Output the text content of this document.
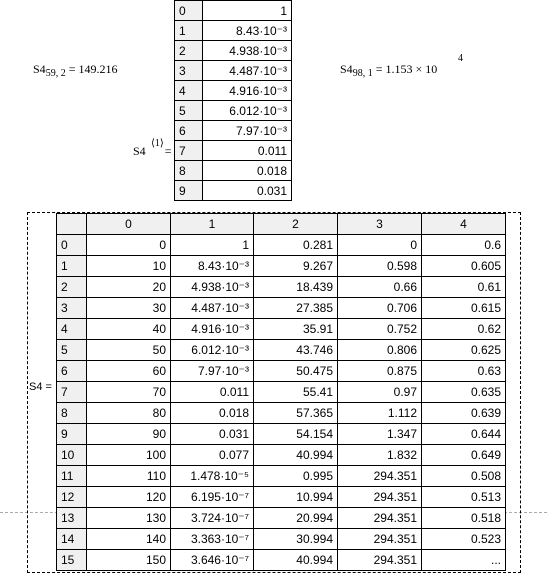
$S4_{59, 2} = 149.216$	$S4_{98, 1} = 1.153 \times 10$
4
S4
⟨1⟩
=
0	1
1	8.43·10⁻³
2	4.938·10⁻³
3	4.487·10⁻³
4	4.916·10⁻³
5	6.012·10⁻³
6	7.97·10⁻³
7	0.011
8	0.018
9	0.031
S4 =
	0	1	2	3	4
0	0	1	0.281	0	0.6
1	10	8.43·10⁻³	9.267	0.598	0.605
2	20	4.938·10⁻³	18.439	0.66	0.61
3	30	4.487·10⁻³	27.385	0.706	0.615
4	40	4.916·10⁻³	35.91	0.752	0.62
5	50	6.012·10⁻³	43.746	0.806	0.625
6	60	7.97·10⁻³	50.475	0.875	0.63
7	70	0.011	55.41	0.97	0.635
8	80	0.018	57.365	1.112	0.639
9	90	0.031	54.154	1.347	0.644
10	100	0.077	40.994	1.832	0.649
11	110	1.478·10⁻⁵	0.995	294.351	0.508
12	120	6.195·10⁻⁷	10.994	294.351	0.513
13	130	3.724·10⁻⁷	20.994	294.351	0.518
14	140	3.363·10⁻⁷	30.994	294.351	0.523
15	150	3.646·10⁻⁷	40.994	294.351	...
